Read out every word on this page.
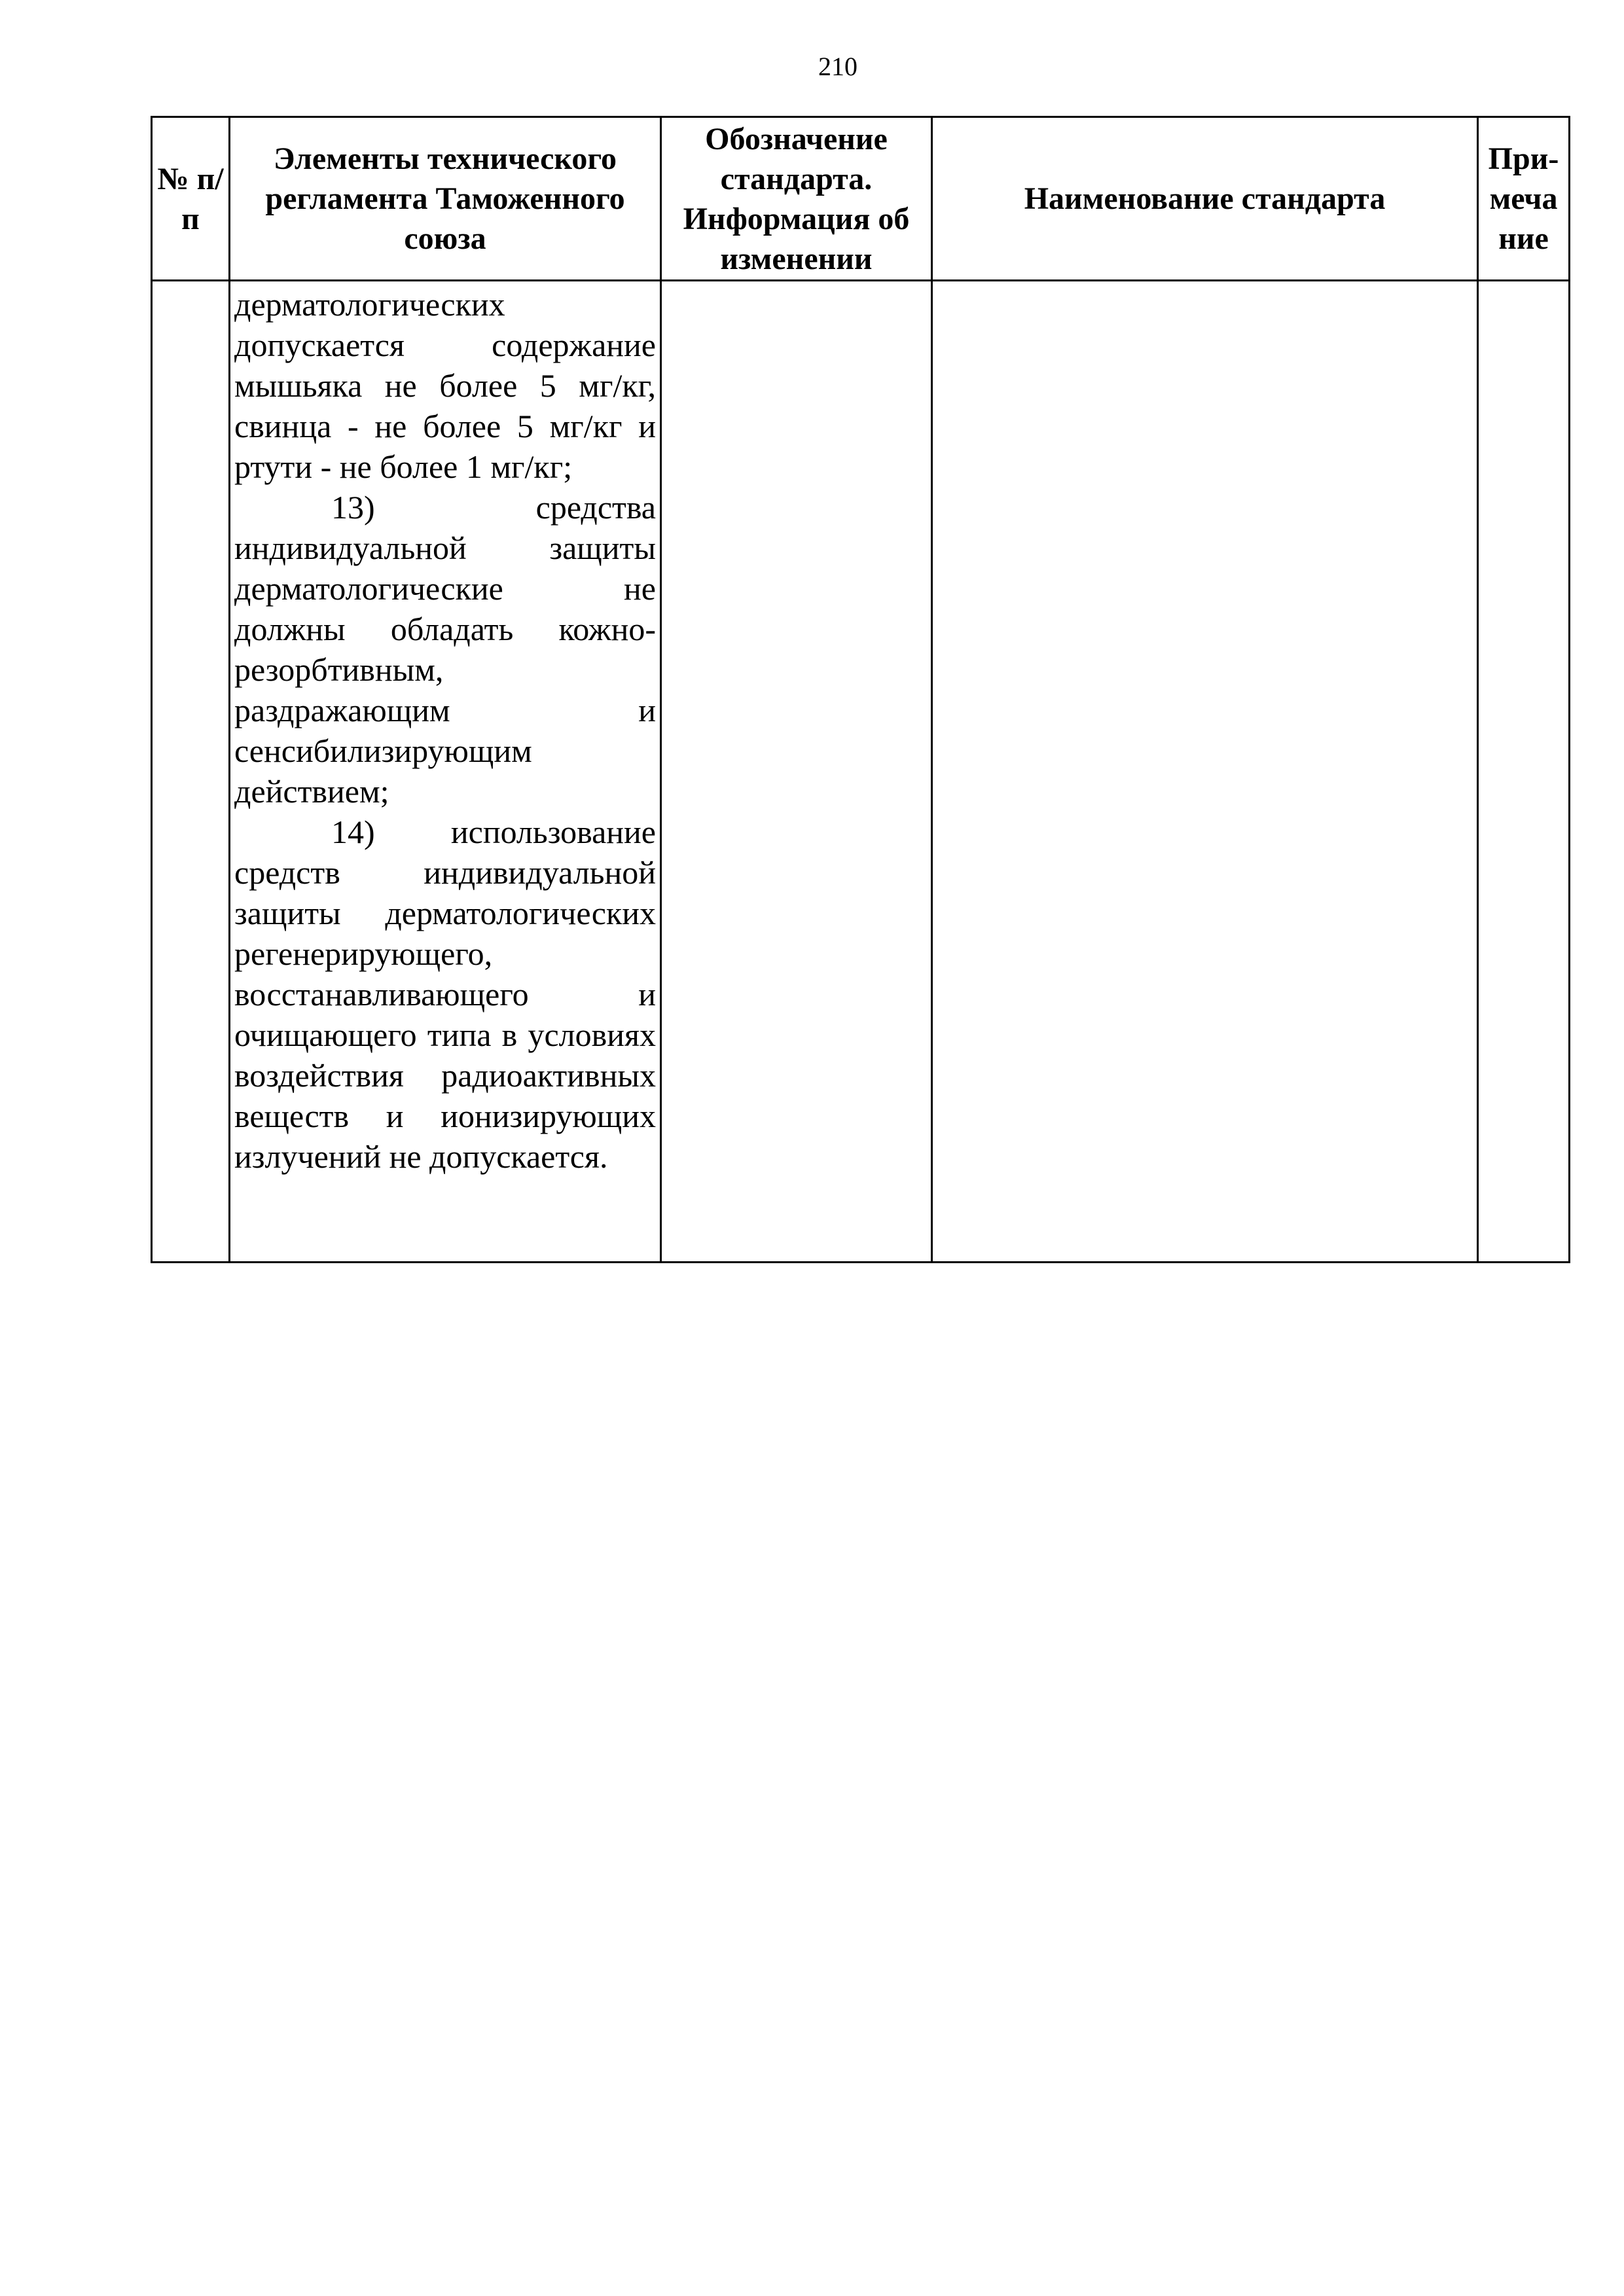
210
№ п/п	Элементы технического регламента Таможенного союза	Обозначение стандарта. Информация об изменении	Наименование стандарта	При-меча ние

	дерматологических допускается содержание мышьяка не более 5 мг/кг, свинца - не более 5 мг/кг и ртути - не более 1 мг/кг;

13) средства индивидуальной защиты дерматологические не должны обладать кожно-резорбтивным, раздражающим и сенсибилизирующим действием;

14) использование средств индивидуальной защиты дерматологических регенерирующего, восстанавливающего и очищающего типа в условиях воздействия радиоактивных веществ и ионизирующих излучений не допускается.			
